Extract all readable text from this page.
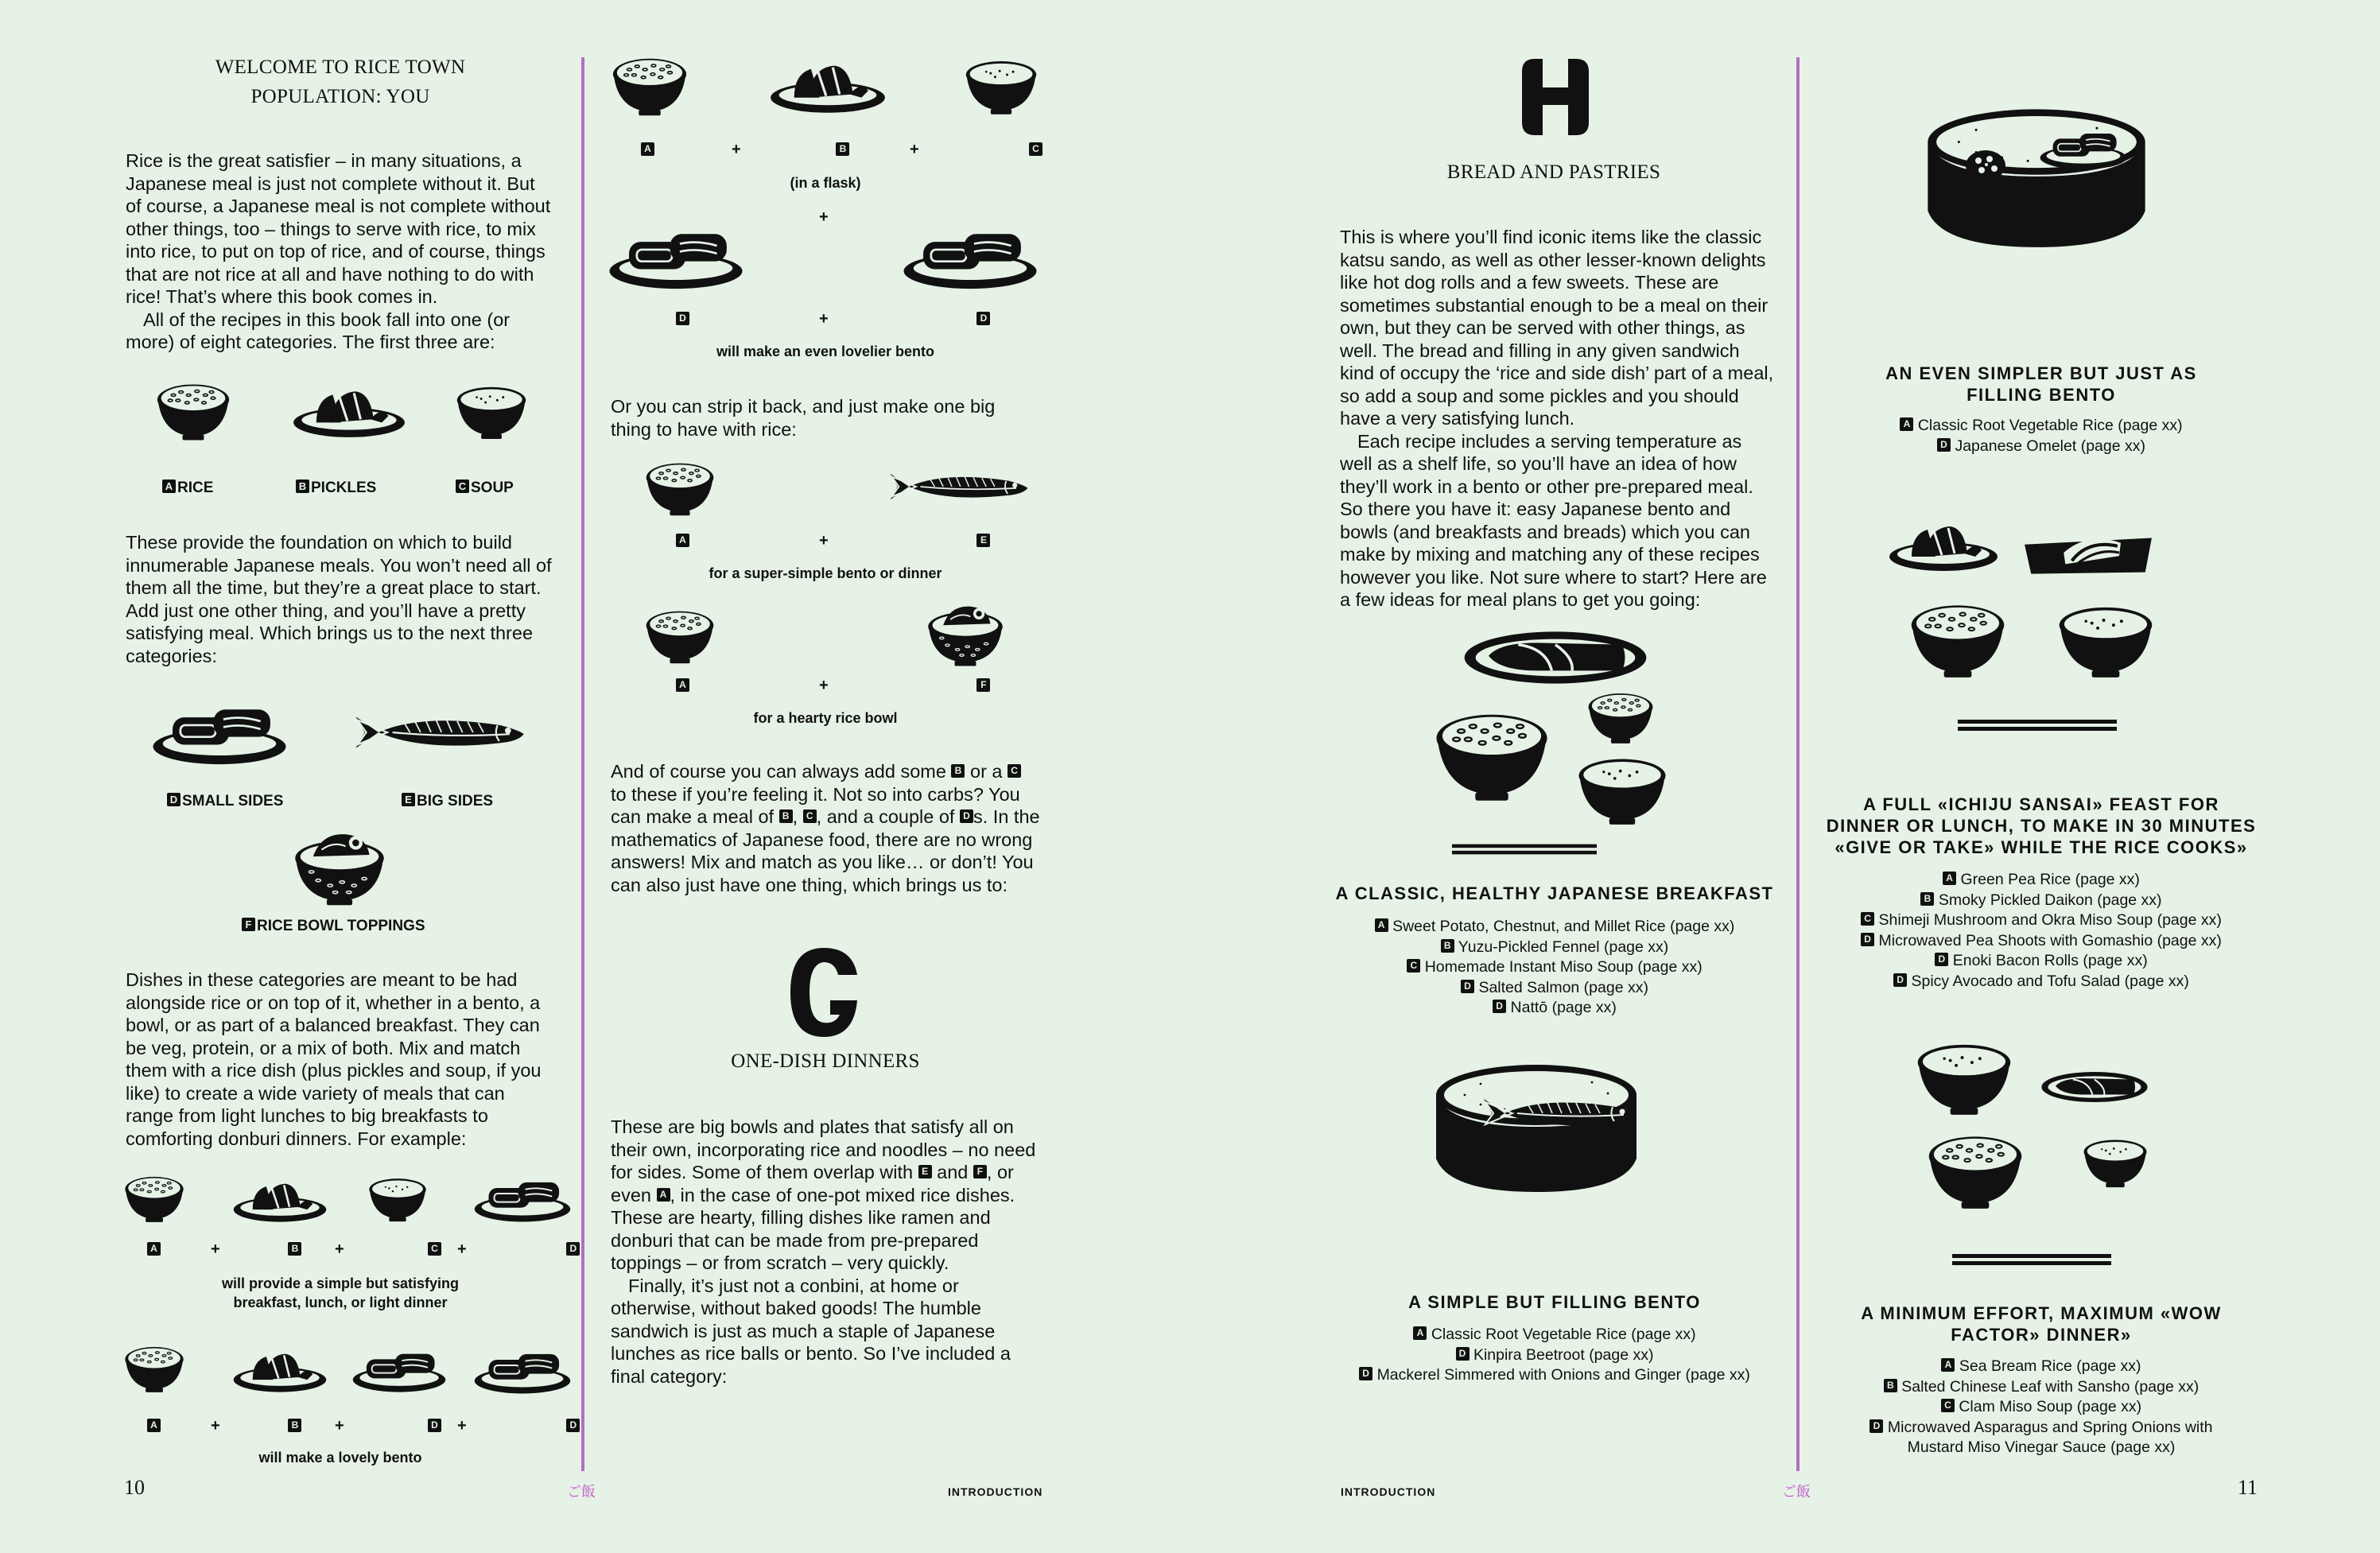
WELCOME TO RICE TOWN
POPULATION: YOU

Rice is the great satisfier – in many situations, a Japanese meal is just not complete without it. But of course, a Japanese meal is not complete without other things, too – things to serve with rice, to mix into rice, to put on top of rice, and of course, things that are not rice at all and have nothing to do with rice! That’s where this book comes in.

All of the recipes in this book fall into one (or more) of eight categories. The first three are:

A RICE	B PICKLES	C SOUP

These provide the foundation on which to build innumerable Japanese meals. You won’t need all of them all the time, but they’re a great place to start. Add just one other thing, and you’ll have a pretty satisfying meal. Which brings us to the next three categories:

D SMALL SIDES	E BIG SIDES
F RICE BOWL TOPPINGS

Dishes in these categories are meant to be had alongside rice or on top of it, whether in a bento, a bowl, or as part of a balanced breakfast. They can be veg, protein, or a mix of both. Mix and match them with a rice dish (plus pickles and soup, if you like) to create a wide variety of meals that can range from light lunches to big breakfasts to comforting donburi dinners. For example:

A	+	B +	C +	D
will provide a simple but satisfying
breakfast, lunch, or light dinner
A	+	B +	D +	D
will make a lovely bento
10	ご飯	INTRODUCTION
A	+	B	+	C
(in a flask)
+
D	+	D
will make an even lovelier bento

Or you can strip it back, and just make one big thing to have with rice:

A	+	E
for a super-simple bento or dinner
A	+	F
for a hearty rice bowl

And of course you can always add some B or a C to these if you’re feeling it. Not so into carbs? You can make a meal of B , C , and a couple of D s. In the mathematics of Japanese food, there are no wrong answers! Mix and match as you like… or don’t! You can also just have one thing, which brings us to:

ONE-DISH DINNERS

These are big bowls and plates that satisfy all on their own, incorporating rice and noodles – no need for sides. Some of them overlap with E and F , or even A , in the case of one-pot mixed rice dishes. These are hearty, filling dishes like ramen and donburi that can be made from pre-prepared toppings – or from scratch – very quickly.

Finally, it’s just not a conbini, at home or otherwise, without baked goods! The humble sandwich is just as much a staple of Japanese lunches as rice balls or bento. So I’ve included a final category:

BREAD AND PASTRIES

This is where you’ll find iconic items like the classic katsu sando, as well as other lesser-known delights like hot dog rolls and a few sweets. These are sometimes substantial enough to be a meal on their own, but they can be served with other things, as well. The bread and filling in any given sandwich kind of occupy the ‘rice and side dish’ part of a meal, so add a soup and some pickles and you should have a very satisfying lunch.

Each recipe includes a serving temperature as well as a shelf life, so you’ll have an idea of how they’ll work in a bento or other pre-prepared meal. So there you have it: easy Japanese bento and bowls (and breakfasts and breads) which you can make by mixing and matching any of these recipes however you like. Not sure where to start? Here are a few ideas for meal plans to get you going:

A CLASSIC, HEALTHY JAPANESE BREAKFAST
A Sweet Potato, Chestnut, and Millet Rice (page xx)
B Yuzu-Pickled Fennel (page xx)
C Homemade Instant Miso Soup (page xx)
D Salted Salmon (page xx)
D Nattō (page xx)
A SIMPLE BUT FILLING BENTO
A Classic Root Vegetable Rice (page xx)
D Kinpira Beetroot (page xx)
D Mackerel Simmered with Onions and Ginger (page xx)
INTRODUCTION	ご飯	11
AN EVEN SIMPLER BUT JUST AS
FILLING BENTO
A Classic Root Vegetable Rice (page xx)
D Japanese Omelet (page xx)
A FULL «ICHIJU SANSAI» FEAST FOR
DINNER OR LUNCH, TO MAKE IN 30 MINUTES
«GIVE OR TAKE» WHILE THE RICE COOKS»
A Green Pea Rice (page xx)
B Smoky Pickled Daikon (page xx)
C Shimeji Mushroom and Okra Miso Soup (page xx)
D Microwaved Pea Shoots with Gomashio (page xx)
D Enoki Bacon Rolls (page xx)
D Spicy Avocado and Tofu Salad (page xx)
A MINIMUM EFFORT, MAXIMUM «WOW
FACTOR» DINNER»
A Sea Bream Rice (page xx)
B Salted Chinese Leaf with Sansho (page xx)
C Clam Miso Soup (page xx)
D Microwaved Asparagus and Spring Onions with
Mustard Miso Vinegar Sauce (page xx)
